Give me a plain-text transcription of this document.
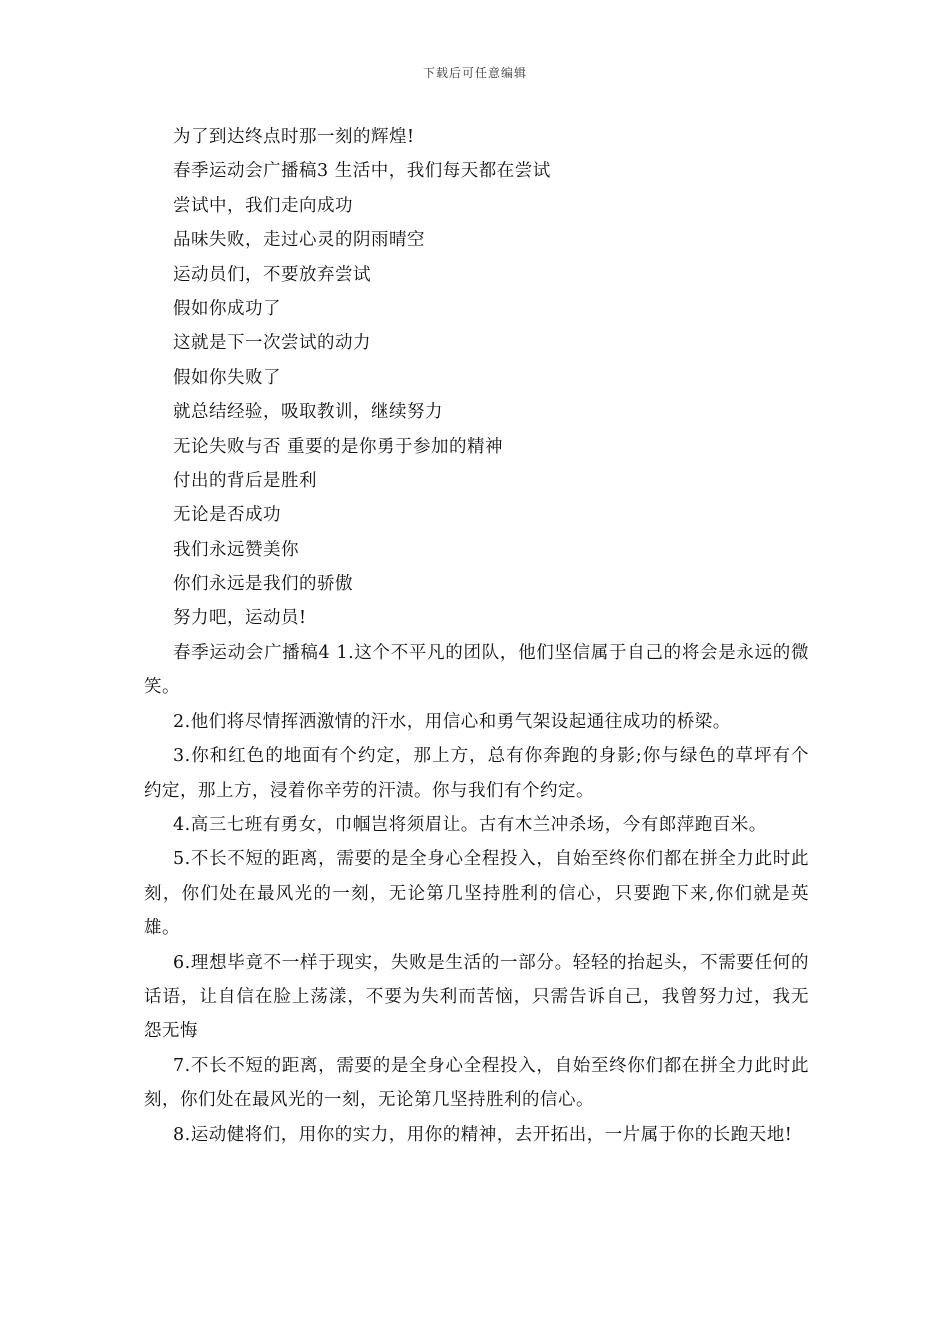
下载后可任意编辑
为了到达终点时那一刻的辉煌!
春季运动会广播稿3 生活中，我们每天都在尝试
尝试中，我们走向成功
品味失败，走过心灵的阴雨晴空
运动员们，不要放弃尝试
假如你成功了
这就是下一次尝试的动力
假如你失败了
就总结经验，吸取教训，继续努力
无论失败与否 重要的是你勇于参加的精神
付出的背后是胜利
无论是否成功
我们永远赞美你
你们永远是我们的骄傲
努力吧，运动员!

春季运动会广播稿4 1.这个不平凡的团队，他们坚信属于自己的将会是永远的微笑。

2.他们将尽情挥洒激情的汗水，用信心和勇气架设起通往成功的桥梁。

3.你和红色的地面有个约定，那上方，总有你奔跑的身影;你与绿色的草坪有个约定，那上方，浸着你辛劳的汗渍。你与我们有个约定。

4.高三七班有勇女，巾帼岂将须眉让。古有木兰冲杀场，今有郎萍跑百米。

5.不长不短的距离，需要的是全身心全程投入，自始至终你们都在拼全力此时此刻，你们处在最风光的一刻，无论第几坚持胜利的信心，只要跑下来,你们就是英雄。

6.理想毕竟不一样于现实，失败是生活的一部分。轻轻的抬起头，不需要任何的话语，让自信在脸上荡漾，不要为失利而苦恼，只需告诉自己，我曾努力过，我无怨无悔

7.不长不短的距离，需要的是全身心全程投入，自始至终你们都在拼全力此时此刻，你们处在最风光的一刻，无论第几坚持胜利的信心。

8.运动健将们，用你的实力，用你的精神，去开拓出，一片属于你的长跑天地!
